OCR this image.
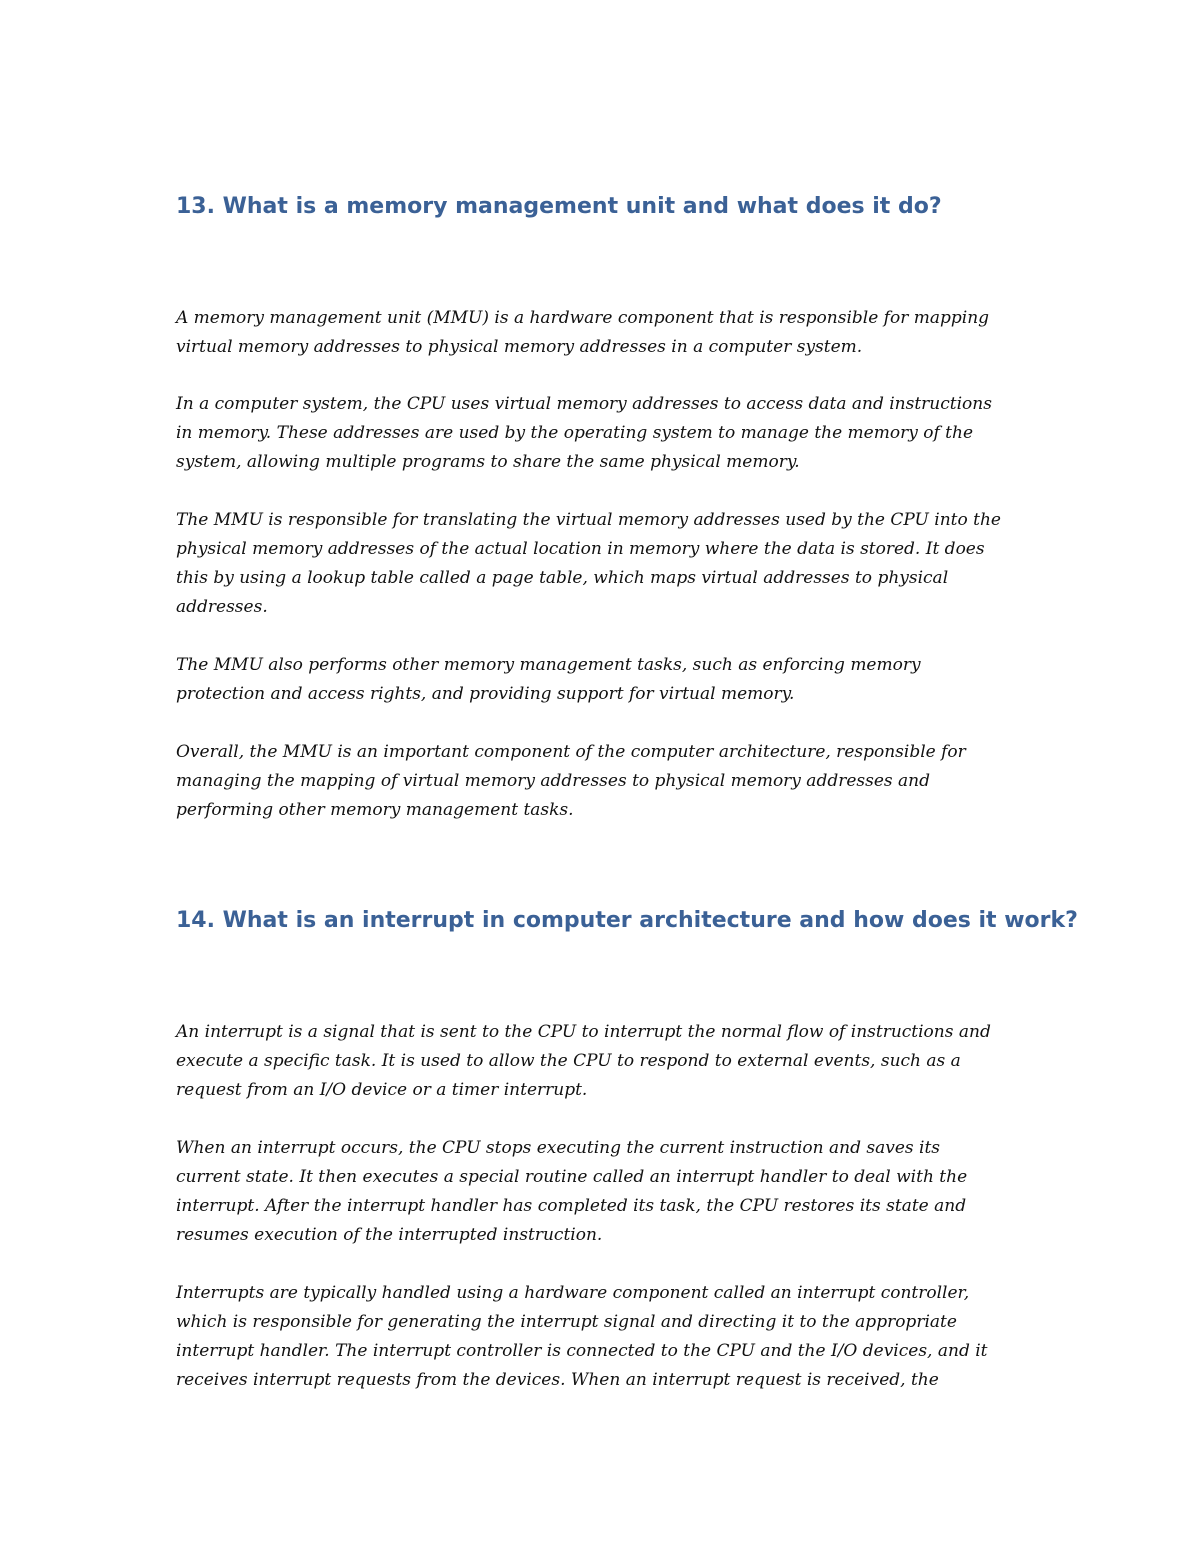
13. What is a memory management unit and what does it do?

A memory management unit (MMU) is a hardware component that is responsible for mapping
virtual memory addresses to physical memory addresses in a computer system.

In a computer system, the CPU uses virtual memory addresses to access data and instructions
in memory. These addresses are used by the operating system to manage the memory of the
system, allowing multiple programs to share the same physical memory.

The MMU is responsible for translating the virtual memory addresses used by the CPU into the
physical memory addresses of the actual location in memory where the data is stored. It does
this by using a lookup table called a page table, which maps virtual addresses to physical
addresses.

The MMU also performs other memory management tasks, such as enforcing memory
protection and access rights, and providing support for virtual memory.

Overall, the MMU is an important component of the computer architecture, responsible for
managing the mapping of virtual memory addresses to physical memory addresses and
performing other memory management tasks.

14. What is an interrupt in computer architecture and how does it work?

An interrupt is a signal that is sent to the CPU to interrupt the normal flow of instructions and
execute a specific task. It is used to allow the CPU to respond to external events, such as a
request from an I/O device or a timer interrupt.

When an interrupt occurs, the CPU stops executing the current instruction and saves its
current state. It then executes a special routine called an interrupt handler to deal with the
interrupt. After the interrupt handler has completed its task, the CPU restores its state and
resumes execution of the interrupted instruction.

Interrupts are typically handled using a hardware component called an interrupt controller,
which is responsible for generating the interrupt signal and directing it to the appropriate
interrupt handler. The interrupt controller is connected to the CPU and the I/O devices, and it
receives interrupt requests from the devices. When an interrupt request is received, the
